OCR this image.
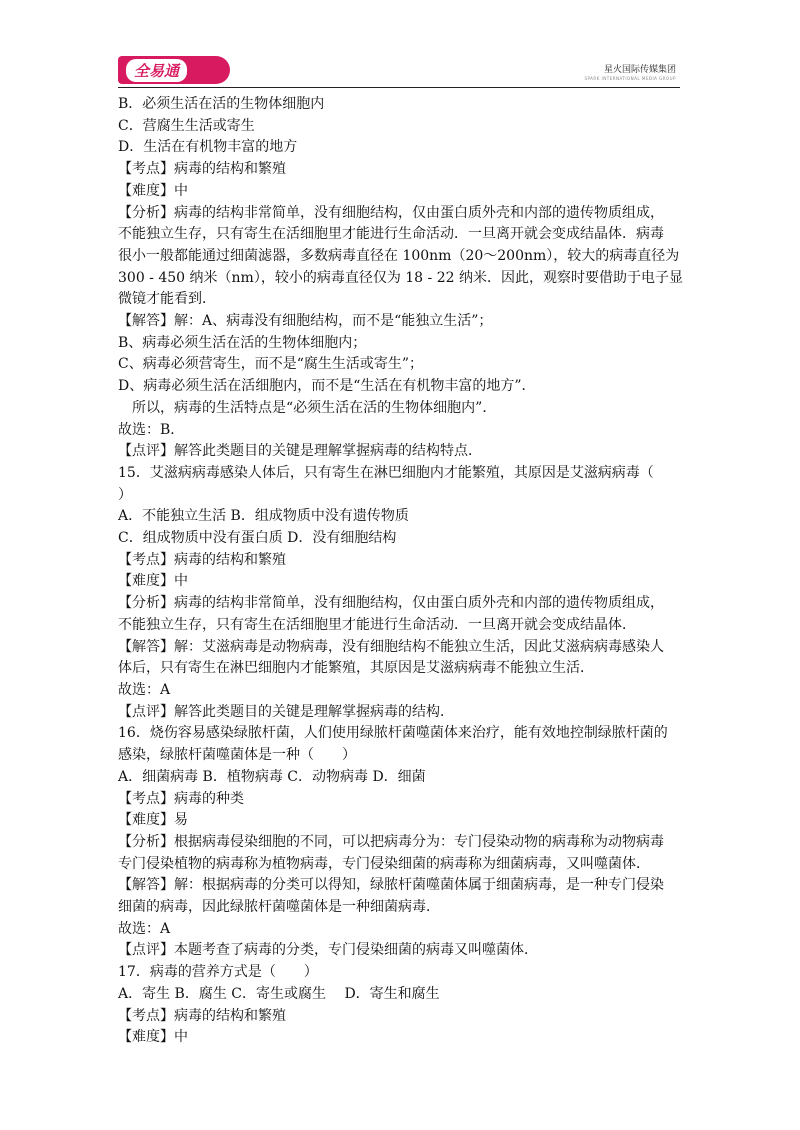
全易通	星火国际传媒集团
SPARK INTERNATIONAL MEDIA GROUP
B．必须生活在活的生物体细胞内
C．营腐生生活或寄生
D．生活在有机物丰富的地方
【考点】病毒的结构和繁殖
【难度】中
【分析】病毒的结构非常简单，没有细胞结构，仅由蛋白质外壳和内部的遗传物质组成，
不能独立生存，只有寄生在活细胞里才能进行生命活动．一旦离开就会变成结晶体．病毒
很小一般都能通过细菌滤器，多数病毒直径在 100nm（20～200nm），较大的病毒直径为
300 - 450 纳米（nm），较小的病毒直径仅为 18 - 22 纳米．因此，观察时要借助于电子显
微镜才能看到．
【解答】解：A、病毒没有细胞结构，而不是“能独立生活”；
B、病毒必须生活在活的生物体细胞内；
C、病毒必须营寄生，而不是“腐生生活或寄生”；
D、病毒必须生活在活细胞内，而不是“生活在有机物丰富的地方”．
　所以，病毒的生活特点是“必须生活在活的生物体细胞内”．
故选：B．
【点评】解答此类题目的关键是理解掌握病毒的结构特点．
15．艾滋病病毒感染人体后，只有寄生在淋巴细胞内才能繁殖，其原因是艾滋病病毒（
）
A．不能独立生活 B．组成物质中没有遗传物质
C．组成物质中没有蛋白质 D．没有细胞结构
【考点】病毒的结构和繁殖
【难度】中
【分析】病毒的结构非常简单，没有细胞结构，仅由蛋白质外壳和内部的遗传物质组成，
不能独立生存，只有寄生在活细胞里才能进行生命活动．一旦离开就会变成结晶体．
【解答】解：艾滋病毒是动物病毒，没有细胞结构不能独立生活，因此艾滋病病毒感染人
体后，只有寄生在淋巴细胞内才能繁殖，其原因是艾滋病病毒不能独立生活．
故选：A
【点评】解答此类题目的关键是理解掌握病毒的结构．
16．烧伤容易感染绿脓杆菌，人们使用绿脓杆菌噬菌体来治疗，能有效地控制绿脓杆菌的
感染，绿脓杆菌噬菌体是一种（　　）
A．细菌病毒 B．植物病毒 C．动物病毒 D．细菌
【考点】病毒的种类
【难度】易
【分析】根据病毒侵染细胞的不同，可以把病毒分为：专门侵染动物的病毒称为动物病毒
专门侵染植物的病毒称为植物病毒，专门侵染细菌的病毒称为细菌病毒，又叫噬菌体．
【解答】解：根据病毒的分类可以得知，绿脓杆菌噬菌体属于细菌病毒，是一种专门侵染
细菌的病毒，因此绿脓杆菌噬菌体是一种细菌病毒．
故选：A
【点评】本题考查了病毒的分类，专门侵染细菌的病毒又叫噬菌体．
17．病毒的营养方式是（　　）
A．寄生 B．腐生 C．寄生或腐生　 D．寄生和腐生
【考点】病毒的结构和繁殖
【难度】中
